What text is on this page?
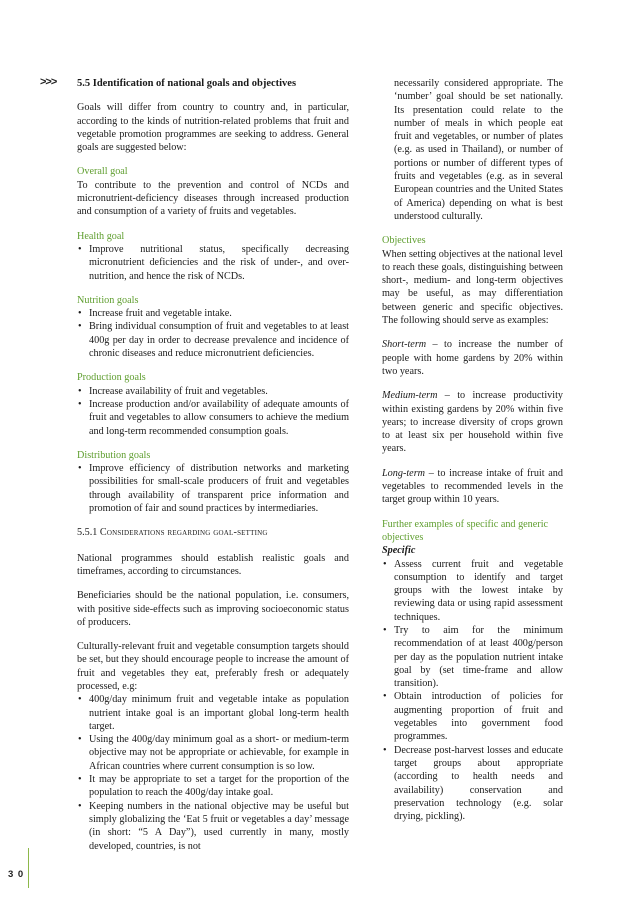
>>>
3 0
5.5 Identification of national goals and objectives

Goals will differ from country to country and, in particular, according to the kinds of nutrition-related problems that fruit and vegetable promotion programmes are seeking to address. General goals are suggested below:

Overall goal
To contribute to the prevention and control of NCDs and micronutrient-deficiency diseases through increased production and consumption of a variety of fruits and vegetables.
Health goal
• Improve nutritional status, specifically decreasing micronutrient deficiencies and the risk of under-, and over-nutrition, and hence the risk of NCDs.
Nutrition goals
• Increase fruit and vegetable intake.
• Bring individual consumption of fruit and vegetables to at least 400g per day in order to decrease prevalence and incidence of chronic diseases and reduce micronutrient deficiencies.
Production goals
• Increase availability of fruit and vegetables.
• Increase production and/or availability of adequate amounts of fruit and vegetables to allow consumers to achieve the medium and long-term recommended consumption goals.
Distribution goals
• Improve efficiency of distribution networks and marketing possibilities for small-scale producers of fruit and vegetables through availability of transparent price information and promotion of fair and sound practices by intermediaries.
5.5.1 Considerations regarding goal-setting

National programmes should establish realistic goals and timeframes, according to circumstances.

Beneficiaries should be the national population, i.e. consumers, with positive side-effects such as improving socioeconomic status of producers.

Culturally-relevant fruit and vegetable consumption targets should be set, but they should encourage people to increase the amount of fruit and vegetables they eat, preferably fresh or adequately processed, e.g:

• 400g/day minimum fruit and vegetable intake as population nutrient intake goal is an important global long-term health target.
• Using the 400g/day minimum goal as a short- or medium-term objective may not be appropriate or achievable, for example in African countries where current consumption is so low.
• It may be appropriate to set a target for the proportion of the population to reach the 400g/day intake goal.
• Keeping numbers in the national objective may be useful but simply globalizing the ‘Eat 5 fruit or vegetables a day’ message (in short: “5 A Day”), used currently in many, mostly developed, countries, is not

necessarily considered appropriate. The ‘number’ goal should be set nationally. Its presentation could relate to the number of meals in which people eat fruit and vegetables, or number of plates (e.g. as used in Thailand), or number of portions or number of different types of fruits and vegetables (e.g. as in several European countries and the United States of America) depending on what is best understood culturally.

Objectives
When setting objectives at the national level to reach these goals, distinguishing between short-, medium- and long-term objectives may be useful, as may differentiation between generic and specific objectives. The following should serve as examples:

Short-term – to increase the number of people with home gardens by 20% within two years.

Medium-term – to increase productivity within existing gardens by 20% within five years; to increase diversity of crops grown to at least six per household within five years.

Long-term – to increase intake of fruit and vegetables to recommended levels in the target group within 10 years.

Further examples of specific and generic objectives
Specific
• Assess current fruit and vegetable consumption to identify and target groups with the lowest intake by reviewing data or using rapid assessment techniques.
• Try to aim for the minimum recommendation of at least 400g/person per day as the population nutrient intake goal by (set time-frame and allow transition).
• Obtain introduction of policies for augmenting proportion of fruit and vegetables into government food programmes.
• Decrease post-harvest losses and educate target groups about appropriate (according to health needs and availability) conservation and preservation technology (e.g. solar drying, pickling).
